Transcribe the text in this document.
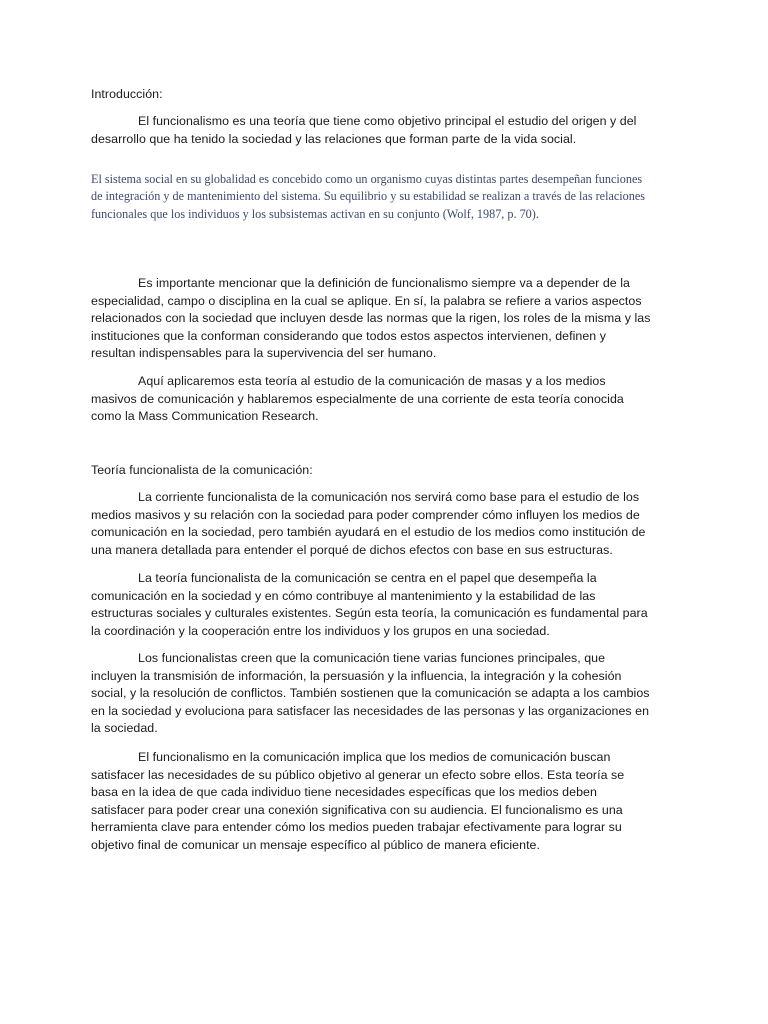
Introducción:

El funcionalismo es una teoría que tiene como objetivo principal el estudio del origen y del desarrollo que ha tenido la sociedad y las relaciones que forman parte de la vida social.

El sistema social en su globalidad es concebido como un organismo cuyas distintas partes desempeñan funciones de integración y de mantenimiento del sistema. Su equilibrio y su estabilidad se realizan a través de las relaciones funcionales que los individuos y los subsistemas activan en su conjunto (Wolf, 1987, p. 70).

Es importante mencionar que la definición de funcionalismo siempre va a depender de la especialidad, campo o disciplina en la cual se aplique. En sí, la palabra se refiere a varios aspectos relacionados con la sociedad que incluyen desde las normas que la rigen, los roles de la misma y las instituciones que la conforman considerando que todos estos aspectos intervienen, definen y resultan indispensables para la supervivencia del ser humano.

Aquí aplicaremos esta teoría al estudio de la comunicación de masas y a los medios masivos de comunicación y hablaremos especialmente de una corriente de esta teoría conocida como la Mass Communication Research.

Teoría funcionalista de la comunicación:

La corriente funcionalista de la comunicación nos servirá como base para el estudio de los medios masivos y su relación con la sociedad para poder comprender cómo influyen los medios de comunicación en la sociedad, pero también ayudará en el estudio de los medios como institución de una manera detallada para entender el porqué de dichos efectos con base en sus estructuras.

La teoría funcionalista de la comunicación se centra en el papel que desempeña la comunicación en la sociedad y en cómo contribuye al mantenimiento y la estabilidad de las estructuras sociales y culturales existentes. Según esta teoría, la comunicación es fundamental para la coordinación y la cooperación entre los individuos y los grupos en una sociedad.

Los funcionalistas creen que la comunicación tiene varias funciones principales, que incluyen la transmisión de información, la persuasión y la influencia, la integración y la cohesión social, y la resolución de conflictos. También sostienen que la comunicación se adapta a los cambios en la sociedad y evoluciona para satisfacer las necesidades de las personas y las organizaciones en la sociedad.

El funcionalismo en la comunicación implica que los medios de comunicación buscan satisfacer las necesidades de su público objetivo al generar un efecto sobre ellos. Esta teoría se basa en la idea de que cada individuo tiene necesidades específicas que los medios deben satisfacer para poder crear una conexión significativa con su audiencia. El funcionalismo es una herramienta clave para entender cómo los medios pueden trabajar efectivamente para lograr su objetivo final de comunicar un mensaje específico al público de manera eficiente.
